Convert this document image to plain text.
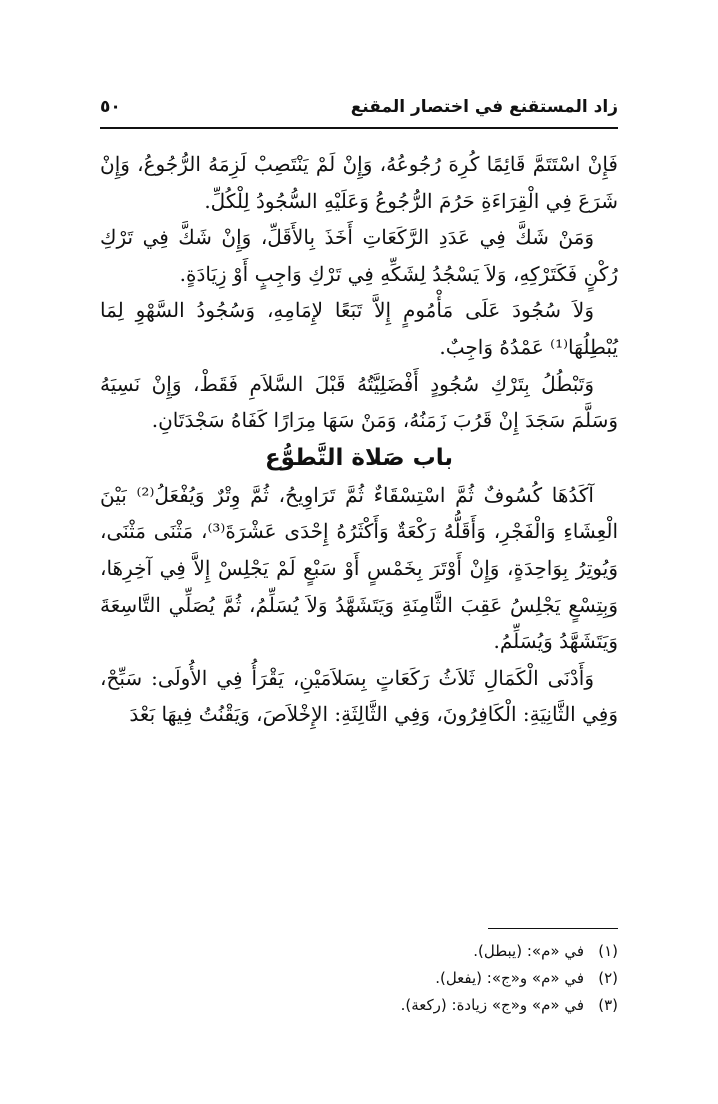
زاد المستقنع في اختصار المقنع
٥٠

فَإِنْ اسْتَتَمَّ قَائِمًا كُرِهَ رُجُوعُهُ، وَإِنْ لَمْ يَنْتَصِبْ لَزِمَهُ الرُّجُوعُ، وَإِنْ شَرَعَ فِي الْقِرَاءَةِ حَرُمَ الرُّجُوعُ وَعَلَيْهِ السُّجُودُ لِلْكُلِّ.

وَمَنْ شَكَّ فِي عَدَدِ الرَّكَعَاتِ أَخَذَ بِالأَقَلِّ، وَإِنْ شَكَّ فِي تَرْكِ رُكْنٍ فَكَتَرْكِهِ، وَلاَ يَسْجُدُ لِشَكِّهِ فِي تَرْكِ وَاجِبٍ أَوْ زِيَادَةٍ.

وَلاَ سُجُودَ عَلَى مَأْمُومٍ إِلاَّ تَبَعًا لإِمَامِهِ، وَسُجُودُ السَّهْوِ لِمَا يُبْطِلُهَا⁽¹⁾ عَمْدُهُ وَاجِبٌ.

وَتَبْطُلُ بِتَرْكِ سُجُودٍ أَفْضَلِيَّتُهُ قَبْلَ السَّلاَمِ فَقَطْ، وَإِنْ نَسِيَهُ وَسَلَّمَ سَجَدَ إِنْ قَرُبَ زَمَنُهُ، وَمَنْ سَهَا مِرَارًا كَفَاهُ سَجْدَتَانِ.

باب صَلاة التَّطوُّع

آكَدُهَا كُسُوفٌ ثُمَّ اسْتِسْقَاءٌ ثُمَّ تَرَاوِيحُ، ثُمَّ وِتْرٌ وَيُفْعَلُ⁽²⁾ بَيْنَ الْعِشَاءِ وَالْفَجْرِ، وَأَقَلُّهُ رَكْعَةٌ وَأَكْثَرُهُ إِحْدَى عَشْرَةَ⁽³⁾، مَثْنَى مَثْنَى، وَيُوتِرُ بِوَاحِدَةٍ، وَإِنْ أَوْتَرَ بِخَمْسٍ أَوْ سَبْعٍ لَمْ يَجْلِسْ إِلاَّ فِي آخِرِهَا، وَبِتِسْعٍ يَجْلِسُ عَقِبَ الثَّامِنَةِ وَيَتَشَهَّدُ وَلاَ يُسَلِّمُ، ثُمَّ يُصَلِّي التَّاسِعَةَ وَيَتَشَهَّدُ وَيُسَلِّمُ.

وَأَدْنَى الْكَمَالِ ثَلاَثُ رَكَعَاتٍ بِسَلاَمَيْنِ، يَقْرَأُ فِي الأُولَى: سَبِّحْ، وَفِي الثَّانِيَةِ: الْكَافِرُونَ، وَفِي الثَّالِثَةِ: الإِخْلاَصَ، وَيَقْنُتُ فِيهَا بَعْدَ

(١)في «م»: (يبطل).
(٢)في «م» و«ج»: (يفعل).
(٣)في «م» و«ج» زيادة: (ركعة).
